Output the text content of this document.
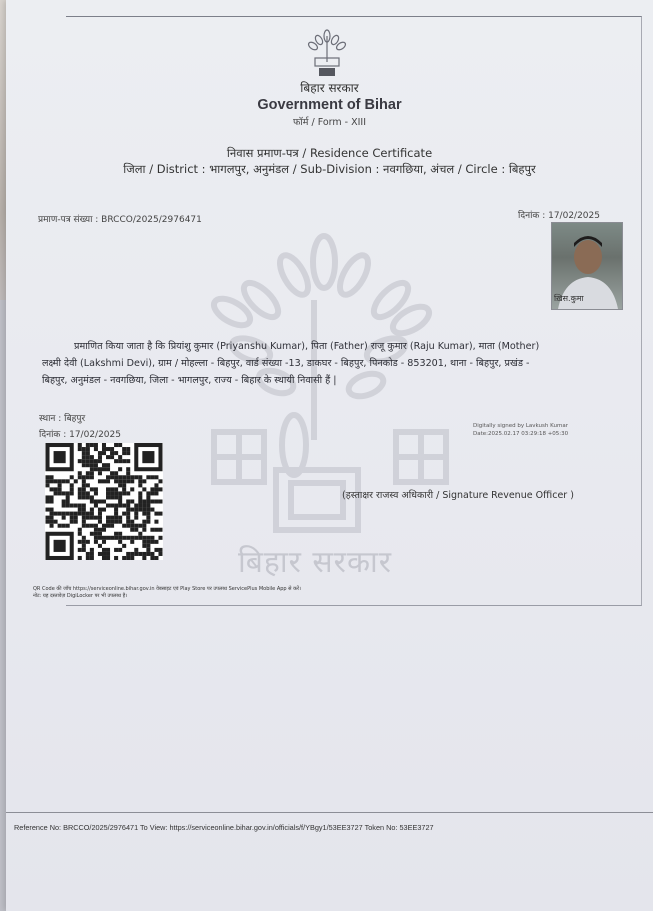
बिहार सरकार
बिहार सरकार
Government of Bihar
फॉर्म / Form - XIII
निवास प्रमाण-पत्र / Residence Certificate
जिला / District : भागलपुर, अनुमंडल / Sub-Division : नवगछिया, अंचल / Circle : बिहपुर
प्रमाण-पत्र संख्या : BRCCO/2025/2976471	दिनांक : 17/02/2025
ख़िस.कुमा
प्रमाणित किया जाता है कि प्रियांशु कुमार (Priyanshu Kumar), पिता (Father) राजू कुमार (Raju Kumar), माता (Mother)
लक्ष्मी देवी (Lakshmi Devi), ग्राम / मोहल्ला - बिहपुर, वार्ड संख्या -13, डाकघर - बिहपुर, पिनकोड - 853201, थाना - बिहपुर, प्रखंड -
बिहपुर, अनुमंडल - नवगछिया, जिला - भागलपुर, राज्य - बिहार के स्थायी निवासी हैं |
स्थान : बिहपुर
दिनांक : 17/02/2025
Digitally signed by Lavkush Kumar
Date:2025.02.17 03:29:18 +05:30
(हस्ताक्षर राजस्व अधिकारी / Signature Revenue Officer )
QR Code की जाँच https://serviceonline.bihar.gov.in वेबसाइट एवं Play Store पर उपलब्ध ServicePlus Mobile App से करें।
नोट: यह दस्तावेज़ DigiLocker पर भी उपलब्ध है।
Reference No: BRCCO/2025/2976471 To View: https://serviceonline.bihar.gov.in/officials/f/YBgy1/53EE3727 Token No: 53EE3727
